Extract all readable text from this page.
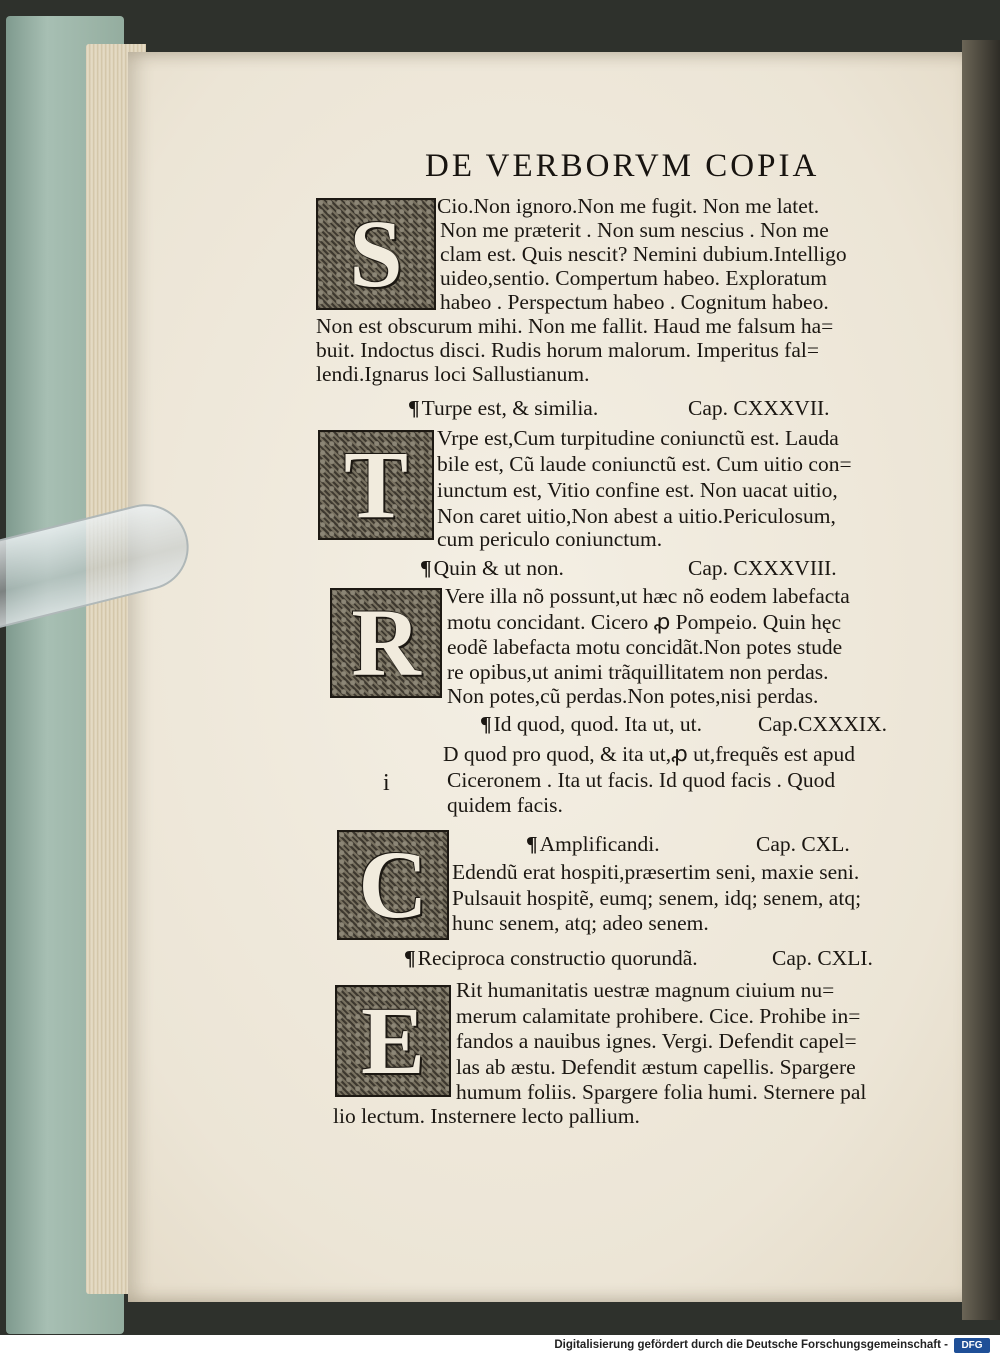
DE VERBORVM COPIA
S Cio.Non ignoro.Non me fugit. Non me latet.
Non me præterit . Non sum nescius . Non me
clam est. Quis nescit? Nemini dubium.Intelligo
uideo,sentio. Compertum habeo. Exploratum
habeo . Perspectum habeo . Cognitum habeo.
Non est obscurum mihi. Non me fallit. Haud me falsum ha=
buit. Indoctus disci. Rudis horum malorum. Imperitus fal=
lendi.Ignarus loci Sallustianum.
¶Turpe est, & similia.	Cap. CXXXVII.
T Vrpe est,Cum turpitudine coniunctũ est. Lauda
bile est, Cũ laude coniunctũ est. Cum uitio con=
iunctum est, Vitio confine est. Non uacat uitio,
Non caret uitio,Non abest a uitio.Periculosum,
cum periculo coniunctum.
¶Quin & ut non.	Cap. CXXXVIII.
R Vere illa nõ possunt,ut hæc nõ eodem labefacta
motu concidant. Cicero ꝓ Pompeio. Quin hęc
eodẽ labefacta motu concidãt.Non potes stude
re opibus,ut animi trãquillitatem non perdas.
Non potes,cũ perdas.Non potes,nisi perdas.
¶Id quod, quod. Ita ut, ut.	Cap.CXXXIX.
D quod pro quod, & ita ut,ꝓ ut,frequẽs est apud
i	Ciceronem . Ita ut facis. Id quod facis . Quod
quidem facis.
¶Amplificandi.	Cap. CXL.
C Edendũ erat hospiti,præsertim seni, maxie seni.
Pulsauit hospitẽ, eumq; senem, idq; senem, atq;
hunc senem, atq; adeo senem.
¶Reciproca constructio quorundã.	Cap. CXLI.
E Rit humanitatis uestræ magnum ciuium nu=
merum calamitate prohibere. Cice. Prohibe in=
fandos a nauibus ignes. Vergi. Defendit capel=
las ab æstu. Defendit æstum capellis. Spargere
humum foliis. Spargere folia humi. Sternere pal
lio lectum. Insternere lecto pallium.
Digitalisierung gefördert durch die Deutsche Forschungsgemeinschaft -	DFG
